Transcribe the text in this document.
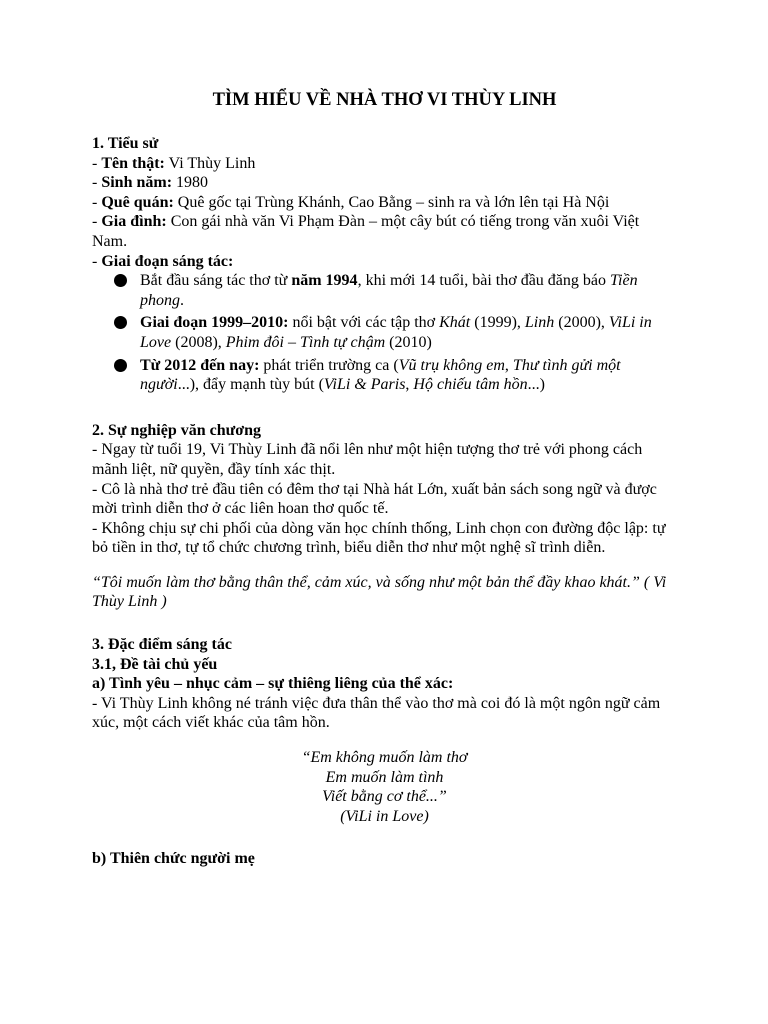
TÌM HIỂU VỀ NHÀ THƠ VI THÙY LINH

1. Tiểu sử

- Tên thật: Vi Thùy Linh

- Sinh năm: 1980

- Quê quán: Quê gốc tại Trùng Khánh, Cao Bằng – sinh ra và lớn lên tại Hà Nội

- Gia đình: Con gái nhà văn Vi Phạm Đàn – một cây bút có tiếng trong văn xuôi Việt Nam.

- Giai đoạn sáng tác:

Bắt đầu sáng tác thơ từ năm 1994, khi mới 14 tuổi, bài thơ đầu đăng báo Tiền phong.
Giai đoạn 1999–2010: nổi bật với các tập thơ Khát (1999), Linh (2000), ViLi in Love (2008), Phim đôi – Tình tự chậm (2010)
Từ 2012 đến nay: phát triển trường ca (Vũ trụ không em, Thư tình gửi một người...), đẩy mạnh tùy bút (ViLi & Paris, Hộ chiếu tâm hồn...)

2. Sự nghiệp văn chương

- Ngay từ tuổi 19, Vi Thùy Linh đã nổi lên như một hiện tượng thơ trẻ với phong cách mãnh liệt, nữ quyền, đầy tính xác thịt.

- Cô là nhà thơ trẻ đầu tiên có đêm thơ tại Nhà hát Lớn, xuất bản sách song ngữ và được mời trình diễn thơ ở các liên hoan thơ quốc tế.

- Không chịu sự chi phối của dòng văn học chính thống, Linh chọn con đường độc lập: tự bỏ tiền in thơ, tự tổ chức chương trình, biểu diễn thơ như một nghệ sĩ trình diễn.

“Tôi muốn làm thơ bằng thân thể, cảm xúc, và sống như một bản thể đầy khao khát.” ( Vi Thùy Linh )

3. Đặc điểm sáng tác

3.1, Đề tài chủ yếu

a) Tình yêu – nhục cảm – sự thiêng liêng của thể xác:

- Vi Thùy Linh không né tránh việc đưa thân thể vào thơ mà coi đó là một ngôn ngữ cảm xúc, một cách viết khác của tâm hồn.

“Em không muốn làm thơ

Em muốn làm tình

Viết bằng cơ thể...”

(ViLi in Love)

b) Thiên chức người mẹ
